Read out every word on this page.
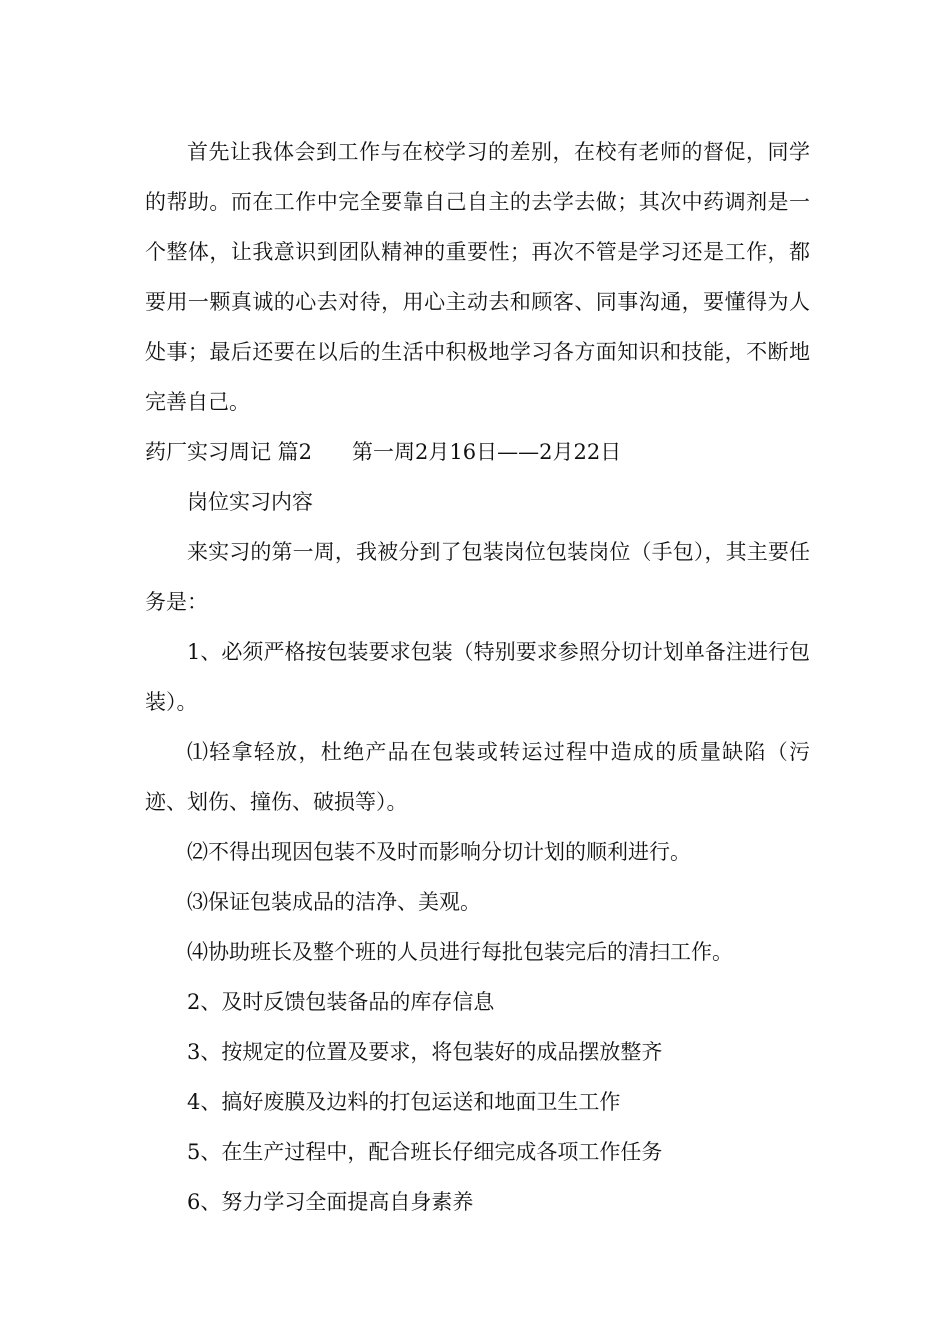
首先让我体会到工作与在校学习的差别，在校有老师的督促，同学的帮助。而在工作中完全要靠自己自主的去学去做；其次中药调剂是一个整体，让我意识到团队精神的重要性；再次不管是学习还是工作，都要用一颗真诚的心去对待，用心主动去和顾客、同事沟通，要懂得为人处事；最后还要在以后的生活中积极地学习各方面知识和技能，不断地完善自己。

药厂实习周记 篇2 第一周2月16日——2月22日

岗位实习内容

来实习的第一周，我被分到了包装岗位包装岗位（手包），其主要任务是：

1、必须严格按包装要求包装（特别要求参照分切计划单备注进行包装）。

⑴轻拿轻放，杜绝产品在包装或转运过程中造成的质量缺陷（污迹、划伤、撞伤、破损等）。

⑵不得出现因包装不及时而影响分切计划的顺利进行。

⑶保证包装成品的洁净、美观。

⑷协助班长及整个班的人员进行每批包装完后的清扫工作。

2、及时反馈包装备品的库存信息

3、按规定的位置及要求，将包装好的成品摆放整齐

4、搞好废膜及边料的打包运送和地面卫生工作

5、在生产过程中，配合班长仔细完成各项工作任务

6、努力学习全面提高自身素养
